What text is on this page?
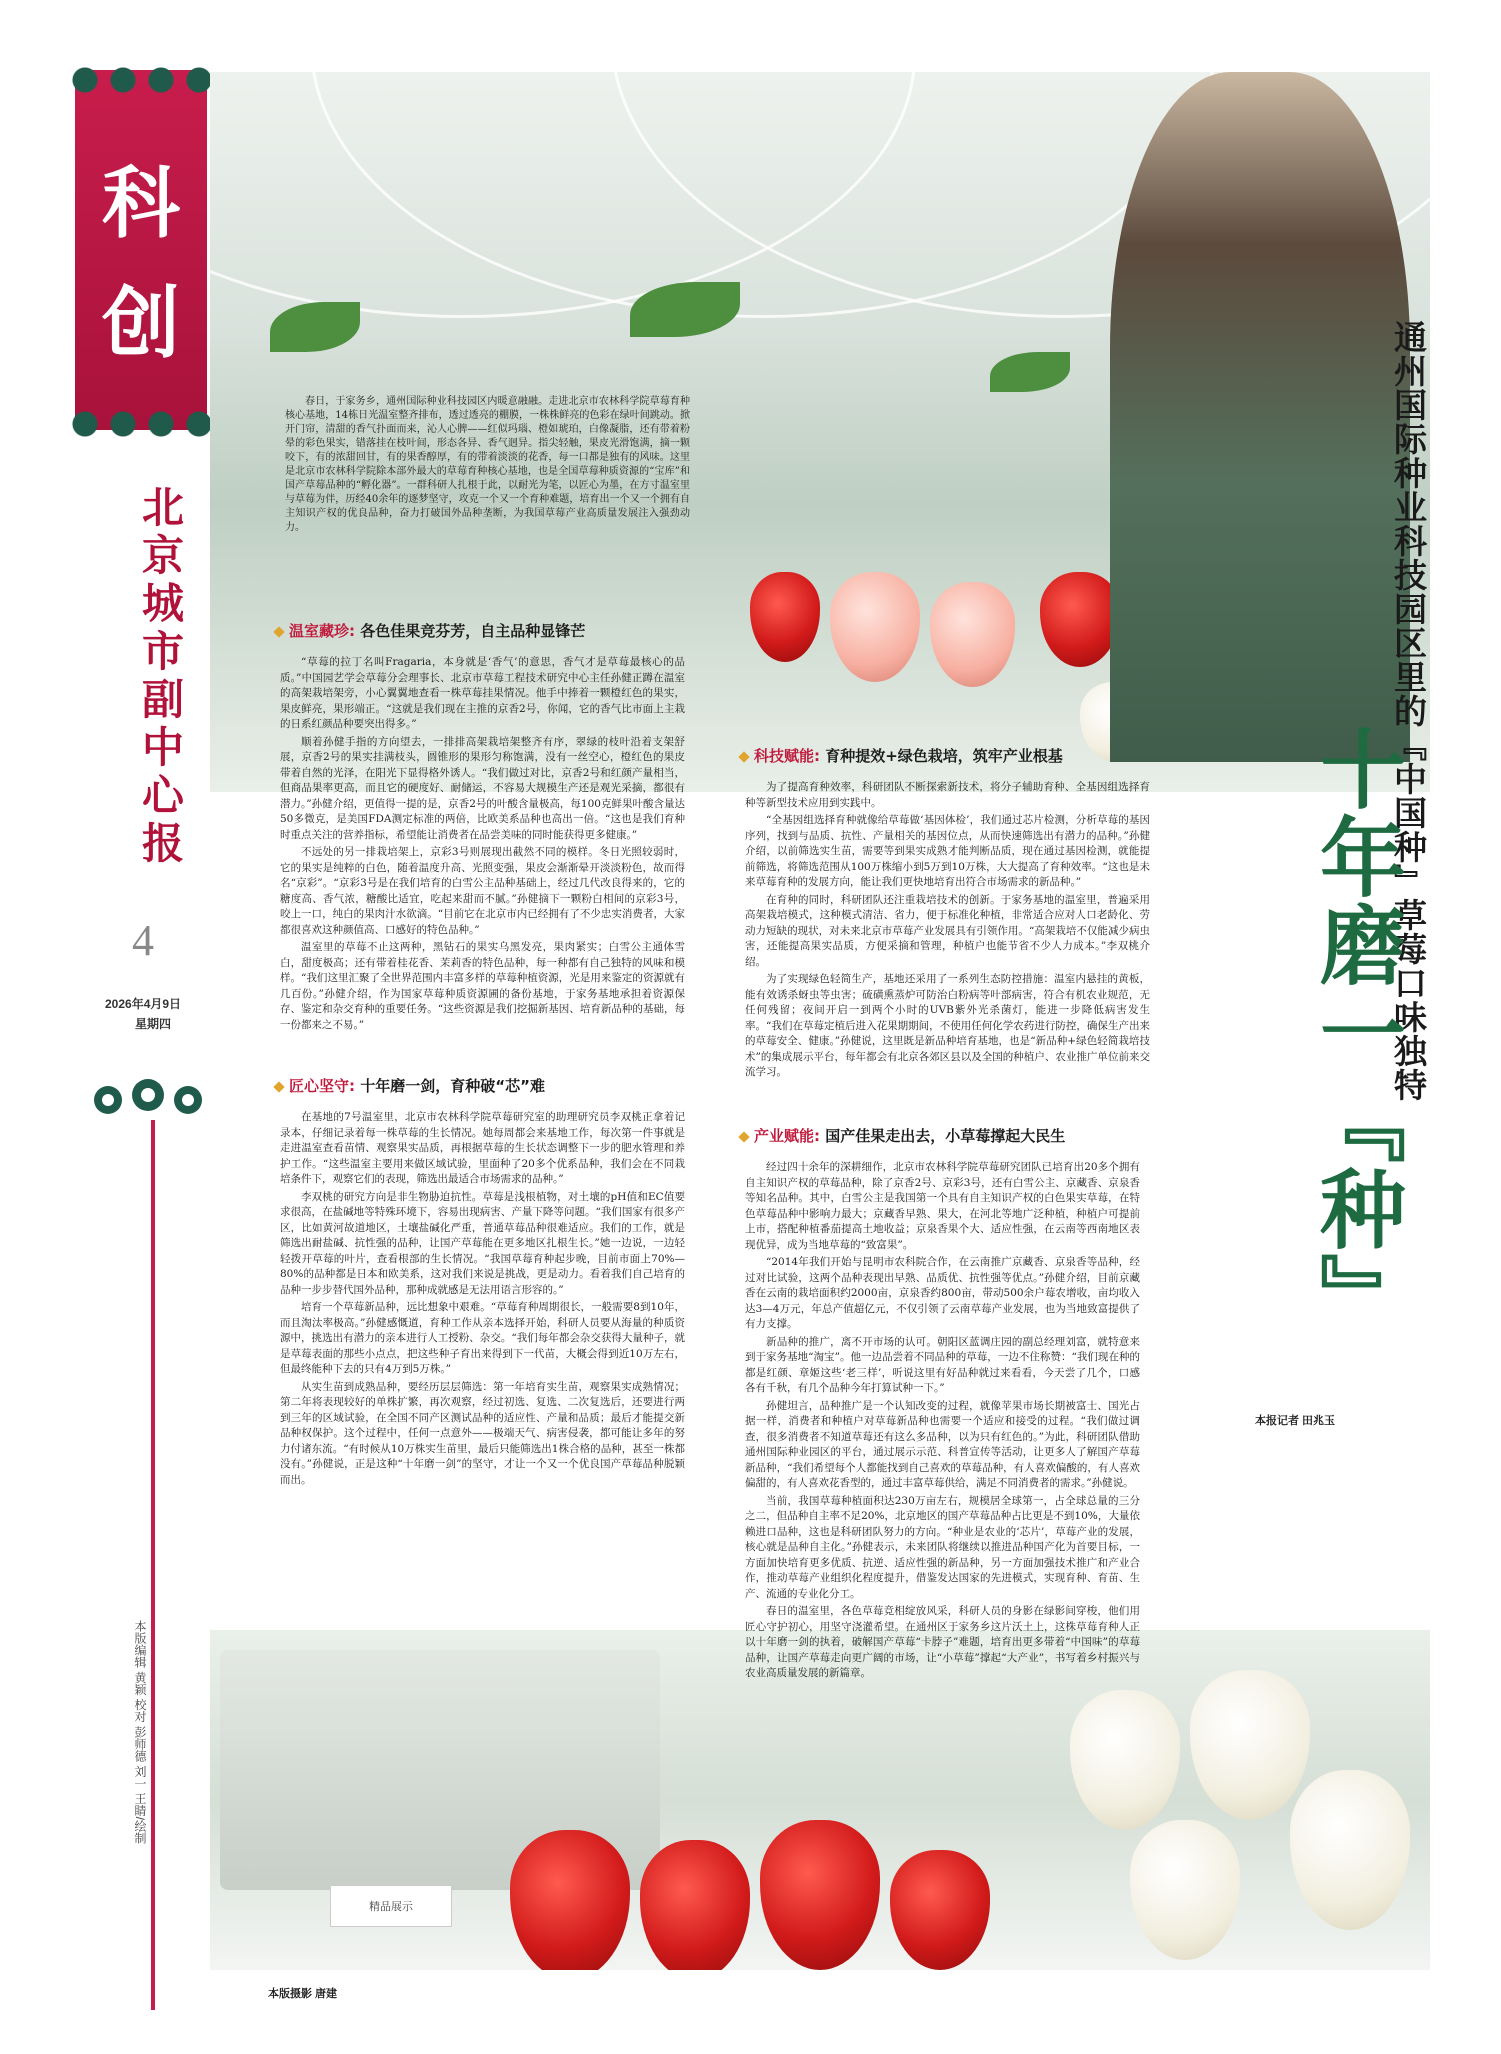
科
创
北京城市副中心报
4
2026年4月9日
星期四
本版编辑 黄颖 校对 彭师德 刘一 王睛/绘制
精品展示
通州国际种业科技园区里的『中国种』草莓口味独特
十年磨一『种』

春日，于家务乡，通州国际种业科技园区内暖意融融。走进北京市农林科学院草莓育种核心基地，14栋日光温室整齐排布，透过透亮的棚膜，一株株鲜亮的色彩在绿叶间跳动。掀开门帘，清甜的香气扑面而来，沁人心脾——红似玛瑙、橙如琥珀，白像凝脂，还有带着粉晕的彩色果实，错落挂在枝叶间，形态各异、香气迥异。指尖轻触，果皮光滑饱满，摘一颗咬下，有的浓甜回甘，有的果香醇厚，有的带着淡淡的花香，每一口都是独有的风味。这里是北京市农林科学院除本部外最大的草莓育种核心基地，也是全国草莓种质资源的“宝库”和国产草莓品种的“孵化器”。一群科研人扎根于此，以耐光为笔，以匠心为墨，在方寸温室里与草莓为伴，历经40余年的逐梦坚守，攻克一个又一个育种难题，培育出一个又一个拥有自主知识产权的优良品种，奋力打破国外品种垄断，为我国草莓产业高质量发展注入强劲动力。

温室藏珍: 各色佳果竞芬芳，自主品种显锋芒

“草莓的拉丁名叫Fragaria，本身就是‘香气’的意思，香气才是草莓最核心的品质。”中国园艺学会草莓分会理事长、北京市草莓工程技术研究中心主任孙健正蹲在温室的高架栽培架旁，小心翼翼地查看一株草莓挂果情况。他手中捧着一颗橙红色的果实，果皮鲜亮，果形端正。“这就是我们现在主推的京香2号，你闻，它的香气比市面上主栽的日系红颜品种要突出得多。”

顺着孙健手指的方向望去，一排排高架栽培架整齐有序，翠绿的枝叶沿着支架舒展，京香2号的果实挂满枝头，圆锥形的果形匀称饱满，没有一丝空心，橙红色的果皮带着自然的光泽，在阳光下显得格外诱人。“我们做过对比，京香2号和红颜产量相当，但商品果率更高，而且它的硬度好、耐储运，不容易大规模生产还是观光采摘，都很有潜力。”孙健介绍，更值得一提的是，京香2号的叶酸含量极高，每100克鲜果叶酸含量达50多微克，是美国FDA测定标准的两倍，比欧美系品种也高出一倍。“这也是我们育种时重点关注的营养指标，希望能让消费者在品尝美味的同时能获得更多健康。”

不远处的另一排栽培架上，京彩3号则展现出截然不同的模样。冬日光照较弱时，它的果实是纯粹的白色，随着温度升高、光照变强，果皮会渐渐晕开淡淡粉色，故而得名“京彩”。“京彩3号是在我们培育的白雪公主品种基础上，经过几代改良得来的，它的糖度高、香气浓，糖酸比适宜，吃起来甜而不腻。”孙健摘下一颗粉白相间的京彩3号，咬上一口，纯白的果肉汁水欲滴。“目前它在北京市内已经拥有了不少忠实消费者，大家都很喜欢这种颜值高、口感好的特色品种。”

温室里的草莓不止这两种，黑钻石的果实乌黑发亮，果肉紧实；白雪公主通体雪白，甜度极高；还有带着桂花香、茉莉香的特色品种，每一种都有自己独特的风味和模样。“我们这里汇聚了全世界范围内丰富多样的草莓种植资源，光是用来鉴定的资源就有几百份。”孙健介绍，作为国家草莓种质资源圃的备份基地，于家务基地承担着资源保存、鉴定和杂交育种的重要任务。“这些资源是我们挖掘新基因、培育新品种的基础，每一份都来之不易。”

匠心坚守: 十年磨一剑，育种破“芯”难

在基地的7号温室里，北京市农林科学院草莓研究室的助理研究员李双桃正拿着记录本，仔细记录着每一株草莓的生长情况。她每周都会来基地工作，每次第一件事就是走进温室查看苗情、观察果实品质，再根据草莓的生长状态调整下一步的肥水管理和养护工作。“这些温室主要用来做区域试验，里面种了20多个优系品种，我们会在不同栽培条件下，观察它们的表现，筛选出最适合市场需求的品种。”

李双桃的研究方向是非生物胁迫抗性。草莓是浅根植物，对土壤的pH值和EC值要求很高，在盐碱地等特殊环境下，容易出现病害、产量下降等问题。“我们国家有很多产区，比如黄河故道地区，土壤盐碱化严重，普通草莓品种很难适应。我们的工作，就是筛选出耐盐碱、抗性强的品种，让国产草莓能在更多地区扎根生长。”她一边说，一边轻轻拨开草莓的叶片，查看根部的生长情况。“我国草莓育种起步晚，目前市面上70%—80%的品种都是日本和欧美系，这对我们来说是挑战，更是动力。看着我们自己培育的品种一步步替代国外品种，那种成就感是无法用语言形容的。”

培育一个草莓新品种，远比想象中艰难。“草莓育种周期很长，一般需要8到10年，而且淘汰率极高。”孙健感慨道，育种工作从亲本选择开始，科研人员要从海量的种质资源中，挑选出有潜力的亲本进行人工授粉、杂交。“我们每年都会杂交获得大量种子，就是草莓表面的那些小点点，把这些种子育出来得到下一代苗，大概会得到近10万左右，但最终能种下去的只有4万到5万株。”

从实生苗到成熟品种，要经历层层筛选：第一年培育实生苗，观察果实成熟情况；第二年将表现较好的单株扩繁，再次观察，经过初选、复选、二次复选后，还要进行两到三年的区域试验，在全国不同产区测试品种的适应性、产量和品质；最后才能提交新品种权保护。这个过程中，任何一点意外——极端天气、病害侵袭，都可能让多年的努力付诸东流。“有时候从10万株实生苗里，最后只能筛选出1株合格的品种，甚至一株都没有。”孙健说，正是这种“十年磨一剑”的坚守，才让一个又一个优良国产草莓品种脱颖而出。

科技赋能: 育种提效+绿色栽培，筑牢产业根基

为了提高育种效率，科研团队不断探索新技术，将分子辅助育种、全基因组选择育种等新型技术应用到实践中。

“全基因组选择育种就像给草莓做‘基因体检’，我们通过芯片检测，分析草莓的基因序列，找到与品质、抗性、产量相关的基因位点，从而快速筛选出有潜力的品种。”孙健介绍，以前筛选实生苗，需要等到果实成熟才能判断品质，现在通过基因检测，就能提前筛选，将筛选范围从100万株缩小到5万到10万株，大大提高了育种效率。“这也是未来草莓育种的发展方向，能让我们更快地培育出符合市场需求的新品种。”

在育种的同时，科研团队还注重栽培技术的创新。于家务基地的温室里，普遍采用高架栽培模式，这种模式清洁、省力，便于标准化种植，非常适合应对人口老龄化、劳动力短缺的现状，对未来北京市草莓产业发展具有引领作用。“高架栽培不仅能减少病虫害，还能提高果实品质，方便采摘和管理，种植户也能节省不少人力成本。”李双桃介绍。

为了实现绿色轻简生产，基地还采用了一系列生态防控措施：温室内悬挂的黄板，能有效诱杀蚜虫等虫害；硫磺熏蒸炉可防治白粉病等叶部病害，符合有机农业规范，无任何残留；夜间开启一到两个小时的UVB紫外光杀菌灯，能进一步降低病害发生率。“我们在草莓定植后进入花果期期间，不使用任何化学农药进行防控，确保生产出来的草莓安全、健康。”孙健说，这里既是新品种培育基地，也是“新品种+绿色轻简栽培技术”的集成展示平台，每年都会有北京各郊区县以及全国的种植户、农业推广单位前来交流学习。

产业赋能: 国产佳果走出去，小草莓撑起大民生

经过四十余年的深耕细作，北京市农林科学院草莓研究团队已培育出20多个拥有自主知识产权的草莓品种，除了京香2号、京彩3号，还有白雪公主、京藏香、京泉香等知名品种。其中，白雪公主是我国第一个具有自主知识产权的白色果实草莓，在特色草莓品种中影响力最大；京藏香早熟、果大，在河北等地广泛种植，种植户可提前上市，搭配种植番茄提高土地收益；京泉香果个大、适应性强，在云南等西南地区表现优异，成为当地草莓的“致富果”。

“2014年我们开始与昆明市农科院合作，在云南推广京藏香、京泉香等品种，经过对比试验，这两个品种表现出早熟、品质优、抗性强等优点。”孙健介绍，目前京藏香在云南的栽培面积约2000亩，京泉香约800亩，带动500余户莓农增收，亩均收入达3—4万元，年总产值超亿元，不仅引领了云南草莓产业发展，也为当地致富提供了有力支撑。

新品种的推广，离不开市场的认可。朝阳区蓝调庄园的副总经理刘富，就特意来到于家务基地“淘宝”。他一边品尝着不同品种的草莓，一边不住称赞：“我们现在种的都是红颜、章姬这些‘老三样’，听说这里有好品种就过来看看，今天尝了几个，口感各有千秋，有几个品种今年打算试种一下。”

孙健坦言，品种推广是一个认知改变的过程，就像苹果市场长期被富士、国光占据一样，消费者和种植户对草莓新品种也需要一个适应和接受的过程。“我们做过调查，很多消费者不知道草莓还有这么多品种，以为只有红色的。”为此，科研团队借助通州国际种业园区的平台，通过展示示范、科普宣传等活动，让更多人了解国产草莓新品种，“我们希望每个人都能找到自己喜欢的草莓品种，有人喜欢偏酸的，有人喜欢偏甜的，有人喜欢花香型的，通过丰富草莓供给，满足不同消费者的需求。”孙健说。

当前，我国草莓种植面积达230万亩左右，规模居全球第一，占全球总量的三分之二，但品种自主率不足20%，北京地区的国产草莓品种占比更是不到10%，大量依赖进口品种，这也是科研团队努力的方向。“种业是农业的‘芯片’，草莓产业的发展，核心就是品种自主化。”孙健表示，未来团队将继续以推进品种国产化为首要目标，一方面加快培育更多优质、抗逆、适应性强的新品种，另一方面加强技术推广和产业合作，推动草莓产业组织化程度提升，借鉴发达国家的先进模式，实现育种、育苗、生产、流通的专业化分工。

春日的温室里，各色草莓竞相绽放风采，科研人员的身影在绿影间穿梭，他们用匠心守护初心，用坚守浇灌希望。在通州区于家务乡这片沃土上，这株草莓育种人正以十年磨一剑的执着，破解国产草莓“卡脖子”难题，培育出更多带着“中国味”的草莓品种，让国产草莓走向更广阔的市场，让“小草莓”撑起“大产业”，书写着乡村振兴与农业高质量发展的新篇章。

本报记者 田兆玉
本版摄影 唐建
